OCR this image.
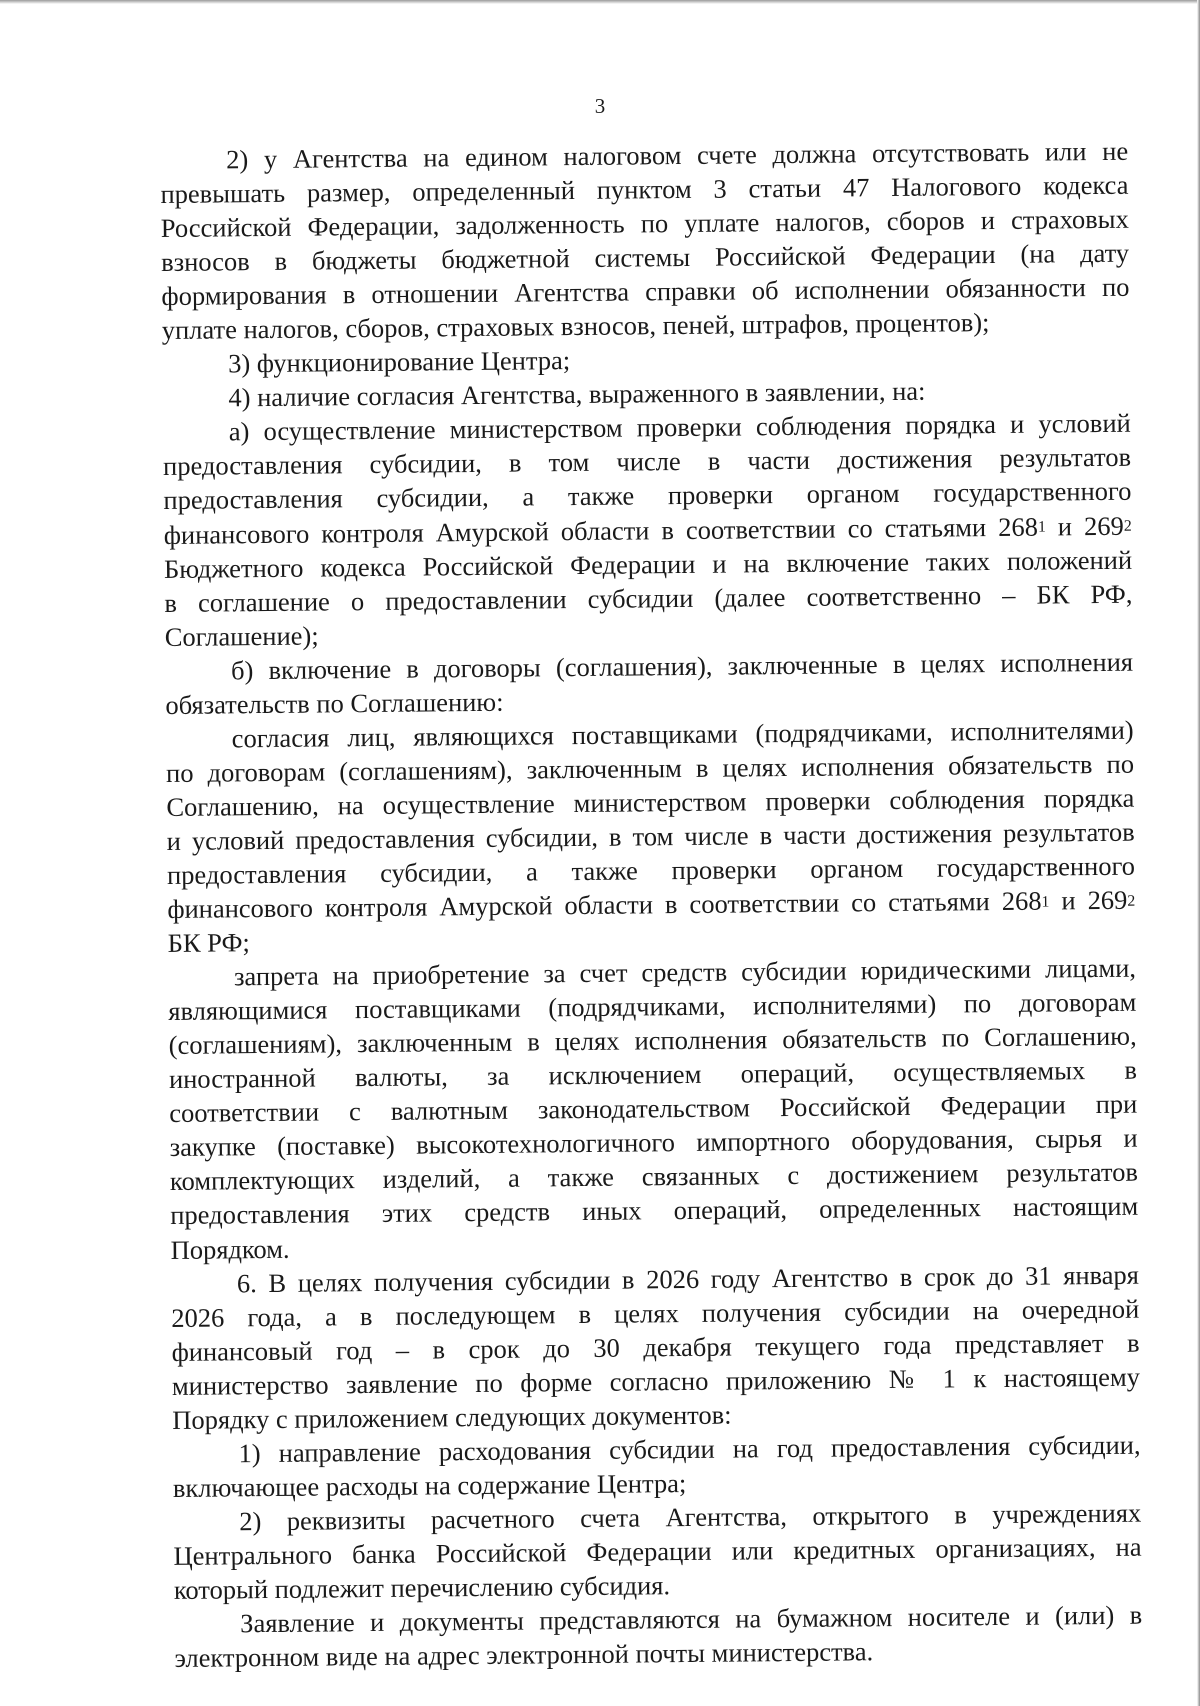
3
2) у Агентства на едином налоговом счете должна отсутствовать или не
превышать размер, определенный пунктом 3 статьи 47 Налогового кодекса
Российской Федерации, задолженность по уплате налогов, сборов и страховых
взносов в бюджеты бюджетной системы Российской Федерации (на дату
формирования в отношении Агентства справки об исполнении обязанности по
уплате налогов, сборов, страховых взносов, пеней, штрафов, процентов);
3) функционирование Центра;
4) наличие согласия Агентства, выраженного в заявлении, на:
а) осуществление министерством проверки соблюдения порядка и условий
предоставления субсидии, в том числе в части достижения результатов
предоставления субсидии, а также проверки органом государственного
финансового контроля Амурской области в соответствии со статьями $268^1$ и $269^2$
Бюджетного кодекса Российской Федерации и на включение таких положений
в соглашение о предоставлении субсидии (далее соответственно – БК РФ,
Соглашение);
б) включение в договоры (соглашения), заключенные в целях исполнения
обязательств по Соглашению:
согласия лиц, являющихся поставщиками (подрядчиками, исполнителями)
по договорам (соглашениям), заключенным в целях исполнения обязательств по
Соглашению, на осуществление министерством проверки соблюдения порядка
и условий предоставления субсидии, в том числе в части достижения результатов
предоставления субсидии, а также проверки органом государственного
финансового контроля Амурской области в соответствии со статьями $268^1$ и $269^2$
БК РФ;
запрета на приобретение за счет средств субсидии юридическими лицами,
являющимися поставщиками (подрядчиками, исполнителями) по договорам
(соглашениям), заключенным в целях исполнения обязательств по Соглашению,
иностранной валюты, за исключением операций, осуществляемых в
соответствии с валютным законодательством Российской Федерации при
закупке (поставке) высокотехнологичного импортного оборудования, сырья и
комплектующих изделий, а также связанных с достижением результатов
предоставления этих средств иных операций, определенных настоящим
Порядком.
6. В целях получения субсидии в 2026 году Агентство в срок до 31 января
2026 года, а в последующем в целях получения субсидии на очередной
финансовый год – в срок до 30 декабря текущего года представляет в
министерство заявление по форме согласно приложению № 1 к настоящему
Порядку с приложением следующих документов:
1) направление расходования субсидии на год предоставления субсидии,
включающее расходы на содержание Центра;
2) реквизиты расчетного счета Агентства, открытого в учреждениях
Центрального банка Российской Федерации или кредитных организациях, на
который подлежит перечислению субсидия.
Заявление и документы представляются на бумажном носителе и (или) в
электронном виде на адрес электронной почты министерства.
